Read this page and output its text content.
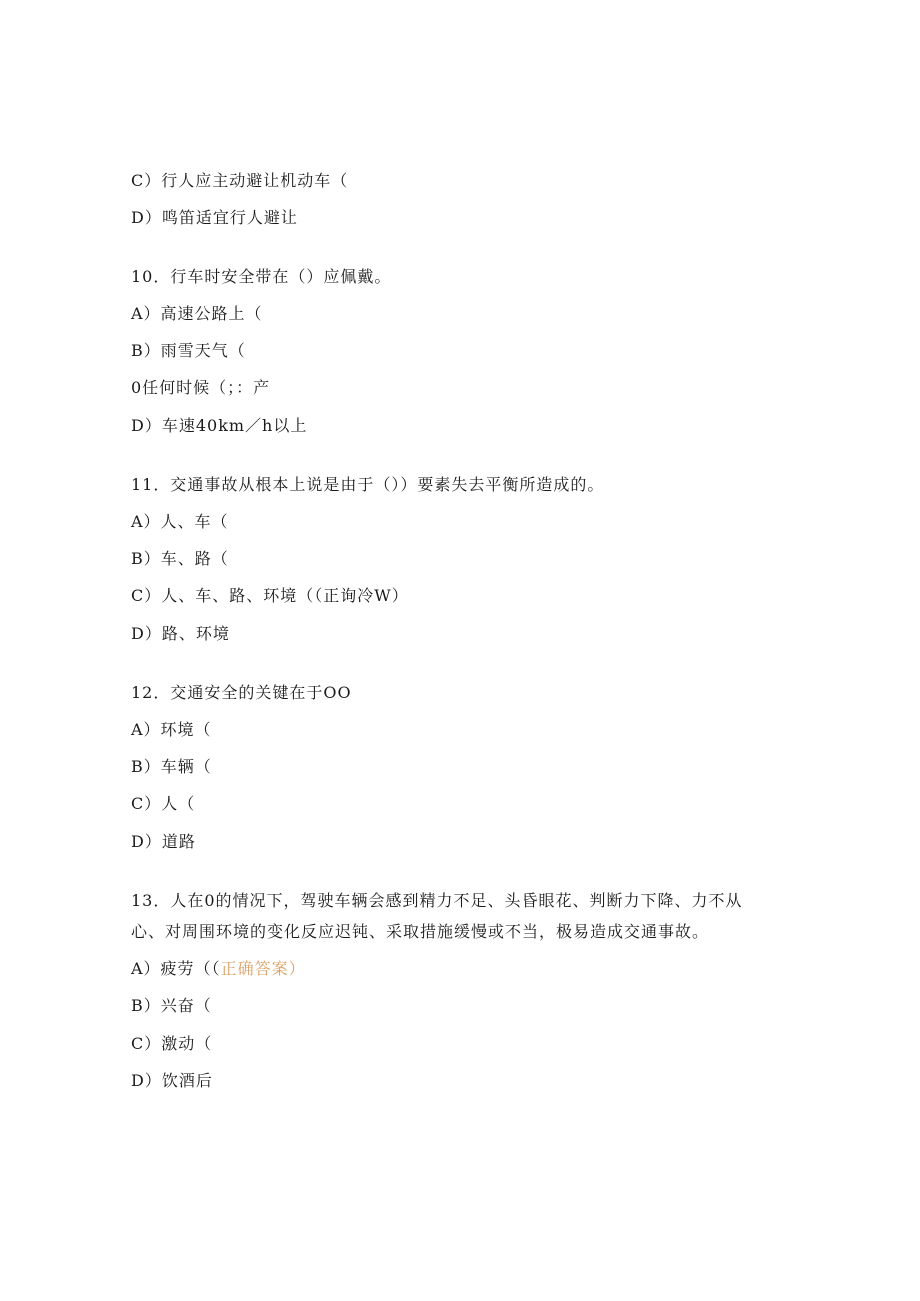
C）行人应主动避让机动车（
D）鸣笛适宜行人避让
10．行车时安全带在（）应佩戴。
A）高速公路上（
B）雨雪天气（
0任何时候（；：产
D）车速40km／h以上
11．交通事故从根本上说是由于（））要素失去平衡所造成的。
A）人、车（
B）车、路（
C）人、车、路、环境（（正询冷W）
D）路、环境
12．交通安全的关键在于OO
A）环境（
B）车辆（
C）人（
D）道路
13．人在0的情况下，驾驶车辆会感到精力不足、头昏眼花、判断力下降、力不从
心、对周围环境的变化反应迟钝、采取措施缓慢或不当，极易造成交通事故。
A）疲劳（（正确答案）
B）兴奋（
C）激动（
D）饮酒后
